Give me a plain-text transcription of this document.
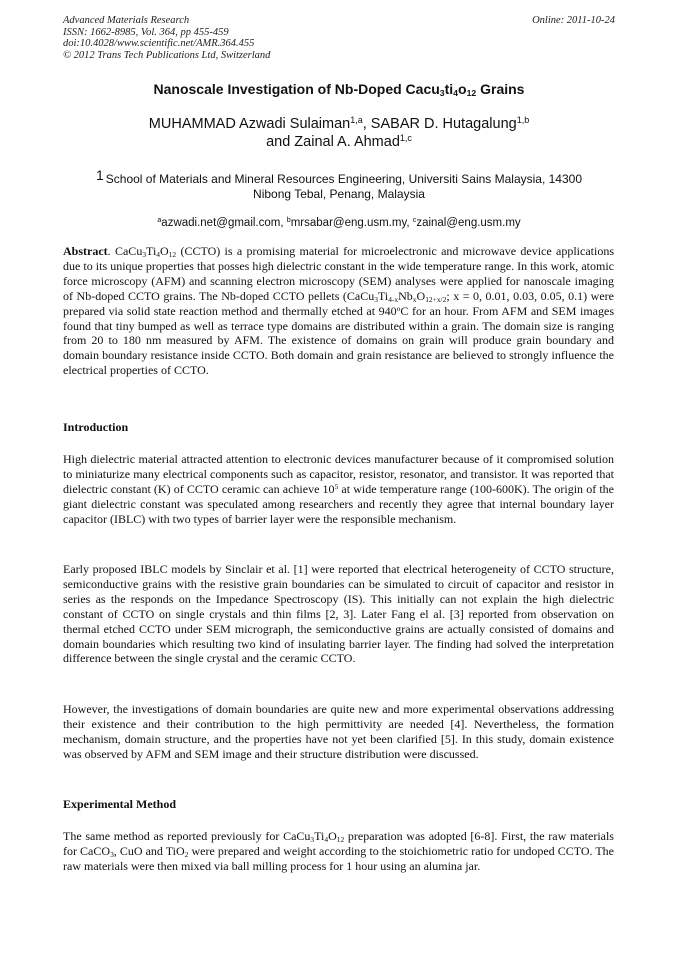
Advanced Materials Research
ISSN: 1662-8985, Vol. 364, pp 455-459
doi:10.4028/www.scientific.net/AMR.364.455
© 2012 Trans Tech Publications Ltd, Switzerland
Online: 2011-10-24
Nanoscale Investigation of Nb-Doped $Cacu_3ti_4o_{12}$ Grains
MUHAMMAD Azwadi Sulaiman$^{1,a}$, SABAR D. Hutagalung$^{1,b}$
and Zainal A. Ahmad$^{1,c}$
1 School of Materials and Mineral Resources Engineering, Universiti Sains Malaysia, 14300
Nibong Tebal, Penang, Malaysia
$^a$azwadi.net@gmail.com, $^b$mrsabar@eng.usm.my, $^c$zainal@eng.usm.my

Abstract. $CaCu_3Ti_4O_{12}$ (CCTO) is a promising material for microelectronic and microwave device applications due to its unique properties that posses high dielectric constant in the wide temperature range. In this work, atomic force microscopy (AFM) and scanning electron microscopy (SEM) analyses were applied for nanoscale imaging of Nb-doped CCTO grains. The Nb-doped CCTO pellets ($CaCu_3Ti_{4-x}Nb_xO_{12+x/2}$; x = 0, 0.01, 0.03, 0.05, 0.1) were prepared via solid state reaction method and thermally etched at 940$^o$C for an hour. From AFM and SEM images found that tiny bumped as well as terrace type domains are distributed within a grain. The domain size is ranging from 20 to 180 nm measured by AFM. The existence of domains on grain will produce grain boundary and domain boundary resistance inside CCTO. Both domain and grain resistance are believed to strongly influence the electrical properties of CCTO.

Introduction

High dielectric material attracted attention to electronic devices manufacturer because of it compromised solution to miniaturize many electrical components such as capacitor, resistor, resonator, and transistor. It was reported that dielectric constant (K) of CCTO ceramic can achieve $10^5$ at wide temperature range (100-600K). The origin of the giant dielectric constant was speculated among researchers and recently they agree that internal boundary layer capacitor (IBLC) with two types of barrier layer were the responsible mechanism.

Early proposed IBLC models by Sinclair et al. [1] were reported that electrical heterogeneity of CCTO structure, semiconductive grains with the resistive grain boundaries can be simulated to circuit of capacitor and resistor in series as the responds on the Impedance Spectroscopy (IS). This initially can not explain the high dielectric constant of CCTO on single crystals and thin films [2, 3]. Later Fang el al. [3] reported from observation on thermal etched CCTO under SEM micrograph, the semiconductive grains are actually consisted of domains and domain boundaries which resulting two kind of insulating barrier layer. The finding had solved the interpretation difference between the single crystal and the ceramic CCTO.

However, the investigations of domain boundaries are quite new and more experimental observations addressing their existence and their contribution to the high permittivity are needed [4]. Nevertheless, the formation mechanism, domain structure, and the properties have not yet been clarified [5]. In this study, domain existence was observed by AFM and SEM image and their structure distribution were discussed.

Experimental Method

The same method as reported previously for $CaCu_3Ti_4O_{12}$ preparation was adopted [6-8]. First, the raw materials for CaCO$_3$, CuO and TiO$_2$ were prepared and weight according to the stoichiometric ratio for undoped CCTO. The raw materials were then mixed via ball milling process for 1 hour using an alumina jar.
